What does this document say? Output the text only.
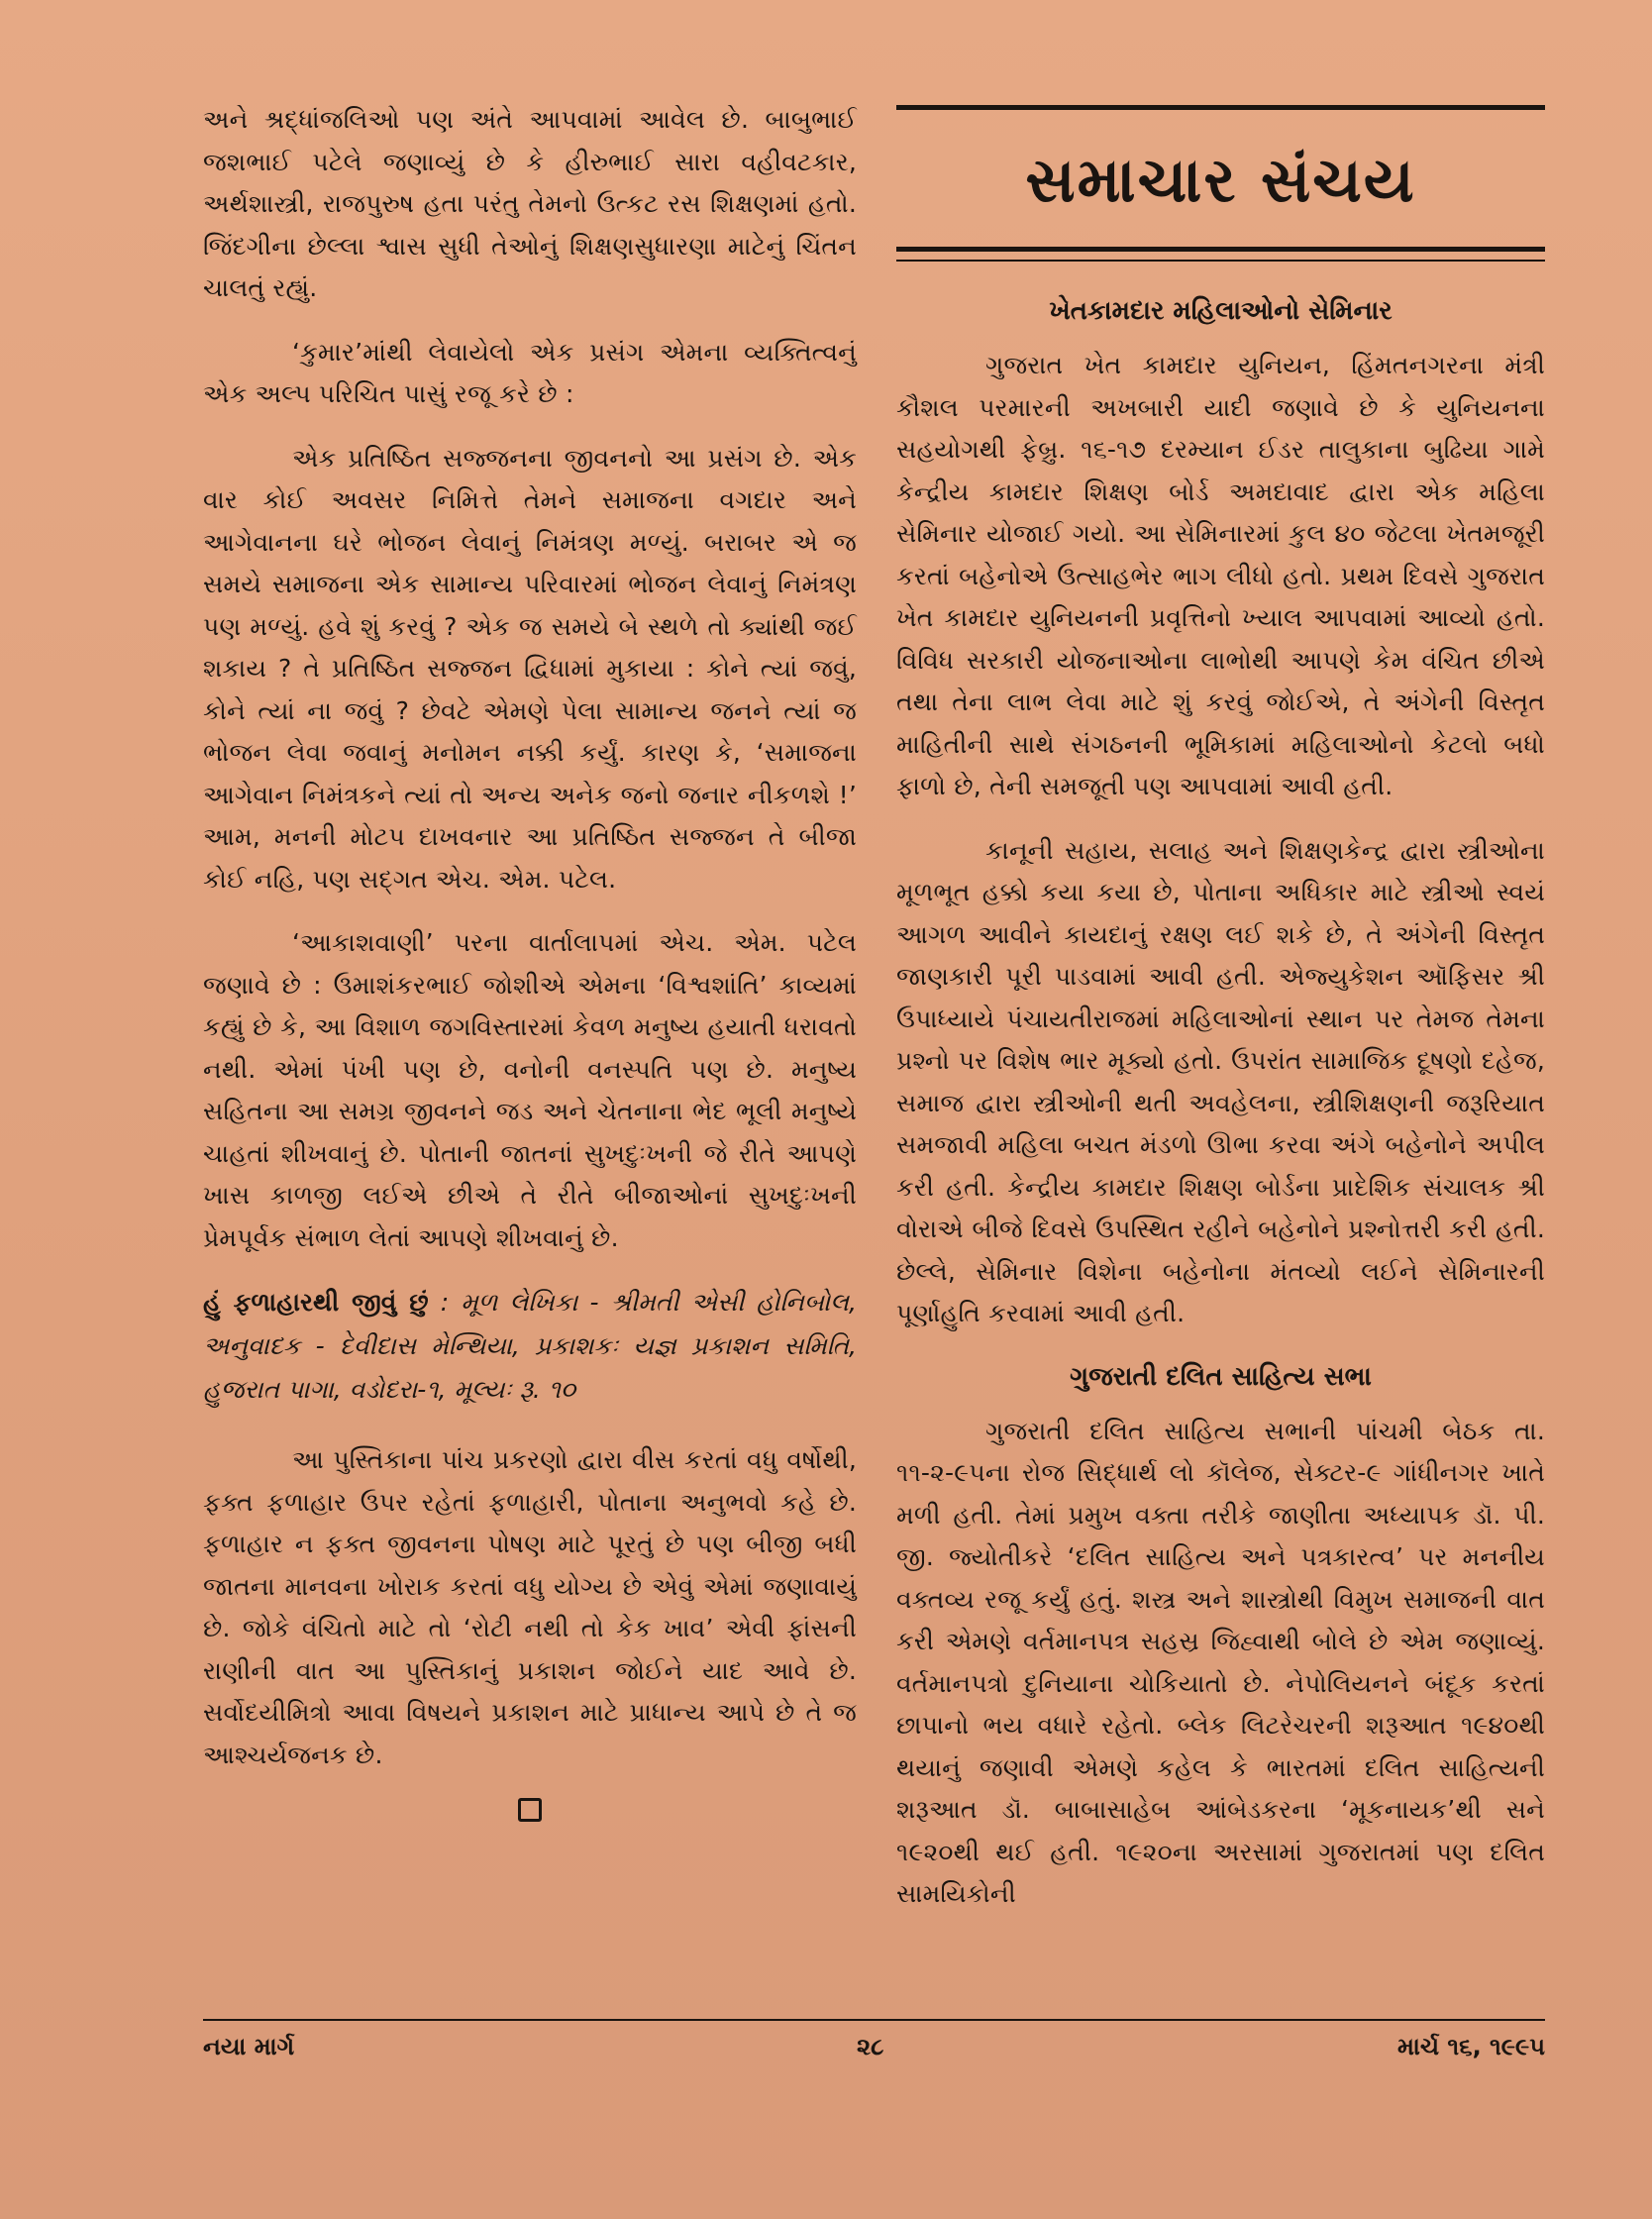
અને શ્રદ્ધાંજલિઓ પણ અંતે આપવામાં આવેલ છે. બાબુભાઈ જશભાઈ પટેલે જણાવ્યું છે કે હીરુભાઈ સારા વહીવટકાર, અર્થશાસ્ત્રી, રાજપુરુષ હતા પરંતુ તેમનો ઉત્કટ રસ શિક્ષણમાં હતો. જિંદગીના છેલ્લા શ્વાસ સુધી તેઓનું શિક્ષણસુધારણા માટેનું ચિંતન ચાલતું રહ્યું.

‘કુમાર’માંથી લેવાયેલો એક પ્રસંગ એમના વ્યક્તિત્વનું એક અલ્પ પરિચિત પાસું રજૂ કરે છે :

એક પ્રતિષ્ઠિત સજ્જનના જીવનનો આ પ્રસંગ છે. એક વાર કોઈ અવસર નિમિત્તે તેમને સમાજના વગદાર અને આગેવાનના ઘરે ભોજન લેવાનું નિમંત્રણ મળ્યું. બરાબર એ જ સમયે સમાજના એક સામાન્ય પરિવારમાં ભોજન લેવાનું નિમંત્રણ પણ મળ્યું. હવે શું કરવું ? એક જ સમયે બે સ્થળે તો ક્યાંથી જઈ શકાય ? તે પ્રતિષ્ઠિત સજ્જન દ્વિધામાં મુકાયા : કોને ત્યાં જવું, કોને ત્યાં ના જવું ? છેવટે એમણે પેલા સામાન્ય જનને ત્યાં જ ભોજન લેવા જવાનું મનોમન નક્કી કર્યું. કારણ કે, ‘સમાજના આગેવાન નિમંત્રકને ત્યાં તો અન્ય અનેક જનો જનાર નીકળશે !’ આમ, મનની મોટપ દાખવનાર આ પ્રતિષ્ઠિત સજ્જન તે બીજા કોઈ નહિ, પણ સદ્ગત એચ. એમ. પટેલ.

‘આકાશવાણી’ પરના વાર્તાલાપમાં એચ. એમ. પટેલ જણાવે છે : ઉમાશંકરભાઈ જોશીએ એમના ‘વિશ્વશાંતિ’ કાવ્યમાં કહ્યું છે કે, આ વિશાળ જગવિસ્તારમાં કેવળ મનુષ્ય હયાતી ધરાવતો નથી. એમાં પંખી પણ છે, વનોની વનસ્પતિ પણ છે. મનુષ્ય સહિતના આ સમગ્ર જીવનને જડ અને ચેતનાના ભેદ ભૂલી મનુષ્યે ચાહતાં શીખવાનું છે. પોતાની જાતનાં સુખદુઃખની જે રીતે આપણે ખાસ કાળજી લઈએ છીએ તે રીતે બીજાઓનાં સુખદુઃખની પ્રેમપૂર્વક સંભાળ લેતાં આપણે શીખવાનું છે.

હું ફળાહારથી જીવું છું : મૂળ લેખિકા - શ્રીમતી એસી હોનિબોલ, અનુવાદક - દેવીદાસ મેન્થિયા, પ્રકાશકઃ યજ્ઞ પ્રકાશન સમિતિ, હુજરાત પાગા, વડોદરા-૧, મૂલ્યઃ રૂ. ૧૦

આ પુસ્તિકાના પાંચ પ્રકરણો દ્વારા વીસ કરતાં વધુ વર્ષોથી, ફક્ત ફળાહાર ઉપર રહેતાં ફળાહારી, પોતાના અનુભવો કહે છે. ફળાહાર ન ફક્ત જીવનના પોષણ માટે પૂરતું છે પણ બીજી બધી જાતના માનવના ખોરાક કરતાં વધુ યોગ્ય છે એવું એમાં જણાવાયું છે. જોકે વંચિતો માટે તો ‘રોટી નથી તો કેક ખાવ’ એવી ફાંસની રાણીની વાત આ પુસ્તિકાનું પ્રકાશન જોઈને યાદ આવે છે. સર્વોદયીમિત્રો આવા વિષયને પ્રકાશન માટે પ્રાધાન્ય આપે છે તે જ આશ્ચર્યજનક છે.

સમાચાર સંચય
ખેતકામદાર મહિલાઓનો સેમિનાર

ગુજરાત ખેત કામદાર યુનિયન, હિંમતનગરના મંત્રી કૌશલ પરમારની અખબારી યાદી જણાવે છે કે યુનિયનના સહયોગથી ફેબ્રુ. ૧૬-૧૭ દરમ્યાન ઈડર તાલુકાના બુઢિયા ગામે કેન્દ્રીય કામદાર શિક્ષણ બોર્ડ અમદાવાદ દ્વારા એક મહિલા સેમિનાર યોજાઈ ગયો. આ સેમિનારમાં કુલ ૪૦ જેટલા ખેતમજૂરી કરતાં બહેનોએ ઉત્સાહભેર ભાગ લીધો હતો. પ્રથમ દિવસે ગુજરાત ખેત કામદાર યુનિયનની પ્રવૃત્તિનો ખ્યાલ આપવામાં આવ્યો હતો. વિવિધ સરકારી યોજનાઓના લાભોથી આપણે કેમ વંચિત છીએ તથા તેના લાભ લેવા માટે શું કરવું જોઈએ, તે અંગેની વિસ્તૃત માહિતીની સાથે સંગઠનની ભૂમિકામાં મહિલાઓનો કેટલો બધો ફાળો છે, તેની સમજૂતી પણ આપવામાં આવી હતી.

કાનૂની સહાય, સલાહ અને શિક્ષણકેન્દ્ર દ્વારા સ્ત્રીઓના મૂળભૂત હક્કો કયા કયા છે, પોતાના અધિકાર માટે સ્ત્રીઓ સ્વયં આગળ આવીને કાયદાનું રક્ષણ લઈ શકે છે, તે અંગેની વિસ્તૃત જાણકારી પૂરી પાડવામાં આવી હતી. એજ્યુકેશન ઑફિસર શ્રી ઉપાધ્યાયે પંચાયતીરાજમાં મહિલાઓનાં સ્થાન પર તેમજ તેમના પ્રશ્નો પર વિશેષ ભાર મૂક્યો હતો. ઉપરાંત સામાજિક દૂષણો દહેજ, સમાજ દ્વારા સ્ત્રીઓની થતી અવહેલના, સ્ત્રીશિક્ષણની જરૂરિયાત સમજાવી મહિલા બચત મંડળો ઊભા કરવા અંગે બહેનોને અપીલ કરી હતી. કેન્દ્રીય કામદાર શિક્ષણ બોર્ડના પ્રાદેશિક સંચાલક શ્રી વોરાએ બીજે દિવસે ઉપસ્થિત રહીને બહેનોને પ્રશ્નોત્તરી કરી હતી. છેલ્લે, સેમિનાર વિશેના બહેનોના મંતવ્યો લઈને સેમિનારની પૂર્ણાહુતિ કરવામાં આવી હતી.

ગુજરાતી દલિત સાહિત્ય સભા

ગુજરાતી દલિત સાહિત્ય સભાની પાંચમી બેઠક તા. ૧૧-૨-૯૫ના રોજ સિદ્ધાર્થ લો કૉલેજ, સેક્ટર-૯ ગાંધીનગર ખાતે મળી હતી. તેમાં પ્રમુખ વક્તા તરીકે જાણીતા અધ્યાપક ડૉ. પી. જી. જ્યોતીકરે ‘દલિત સાહિત્ય અને પત્રકારત્વ’ પર મનનીય વક્તવ્ય રજૂ કર્યું હતું. શસ્ત્ર અને શાસ્ત્રોથી વિમુખ સમાજની વાત કરી એમણે વર્તમાનપત્ર સહસ્ર જિહ્વાથી બોલે છે એમ જણાવ્યું. વર્તમાનપત્રો દુનિયાના ચોકિયાતો છે. નેપોલિયનને બંદૂક કરતાં છાપાનો ભય વધારે રહેતો. બ્લેક લિટરેચરની શરૂઆત ૧૯૪૦થી થયાનું જણાવી એમણે કહેલ કે ભારતમાં દલિત સાહિત્યની શરૂઆત ડૉ. બાબાસાહેબ આંબેડકરના ‘મૂકનાયક’થી સને ૧૯૨૦થી થઈ હતી. ૧૯૨૦ના અરસામાં ગુજરાતમાં પણ દલિત સામયિકોની

નયા માર્ગ	૨૮	માર્ચ ૧૬, ૧૯૯૫
